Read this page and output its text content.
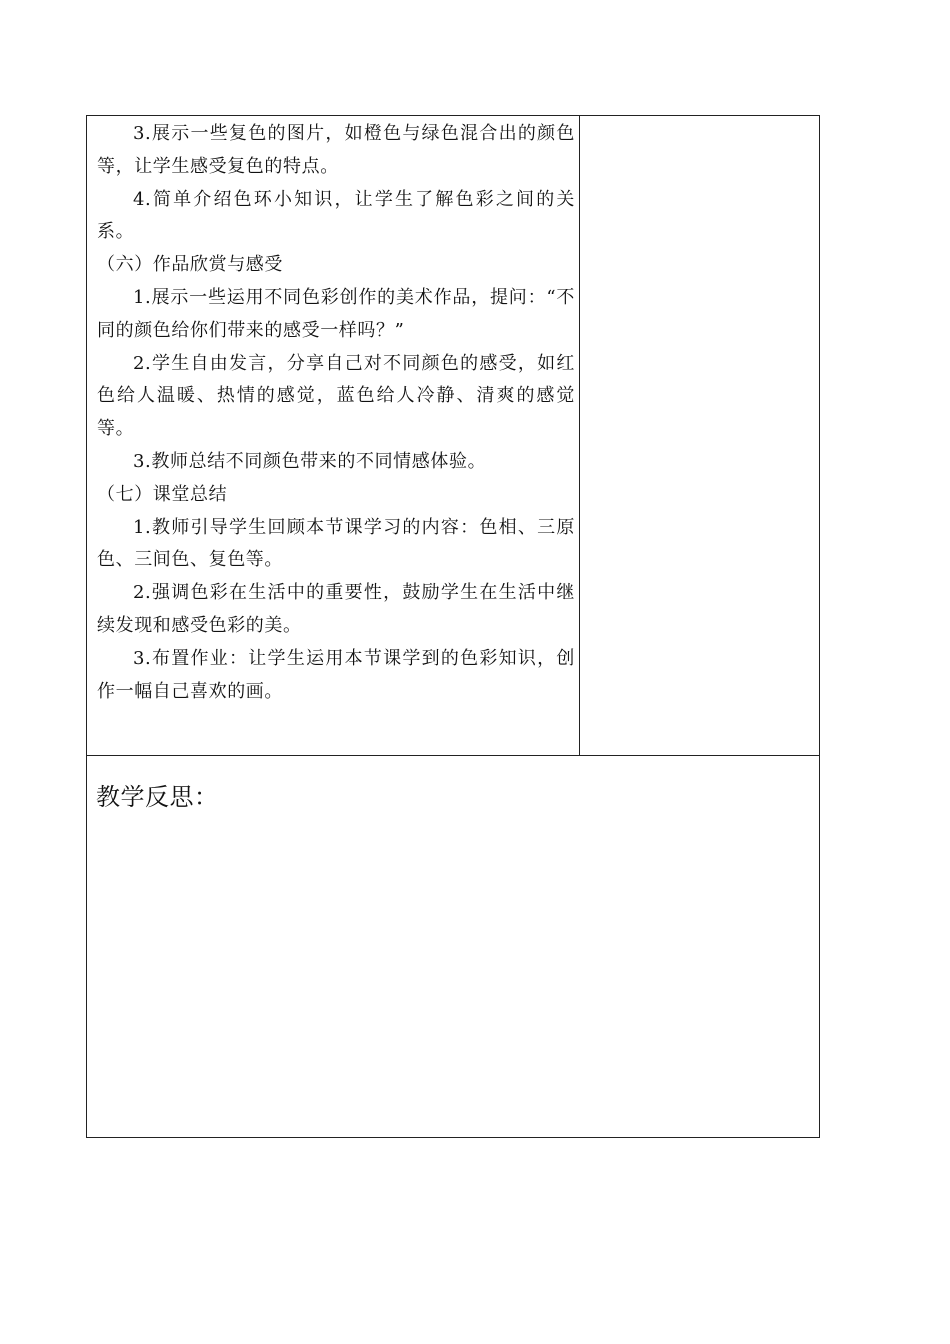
3.展示一些复色的图片，如橙色与绿色混合出的颜色等，让学生感受复色的特点。

4.简单介绍色环小知识，让学生了解色彩之间的关系。

（六）作品欣赏与感受

1.展示一些运用不同色彩创作的美术作品，提问：“不同的颜色给你们带来的感受一样吗？”

2.学生自由发言，分享自己对不同颜色的感受，如红色给人温暖、热情的感觉，蓝色给人冷静、清爽的感觉等。

3.教师总结不同颜色带来的不同情感体验。

（七）课堂总结

1.教师引导学生回顾本节课学习的内容：色相、三原色、三间色、复色等。

2.强调色彩在生活中的重要性，鼓励学生在生活中继续发现和感受色彩的美。

3.布置作业：让学生运用本节课学到的色彩知识，创作一幅自己喜欢的画。

教学反思：
